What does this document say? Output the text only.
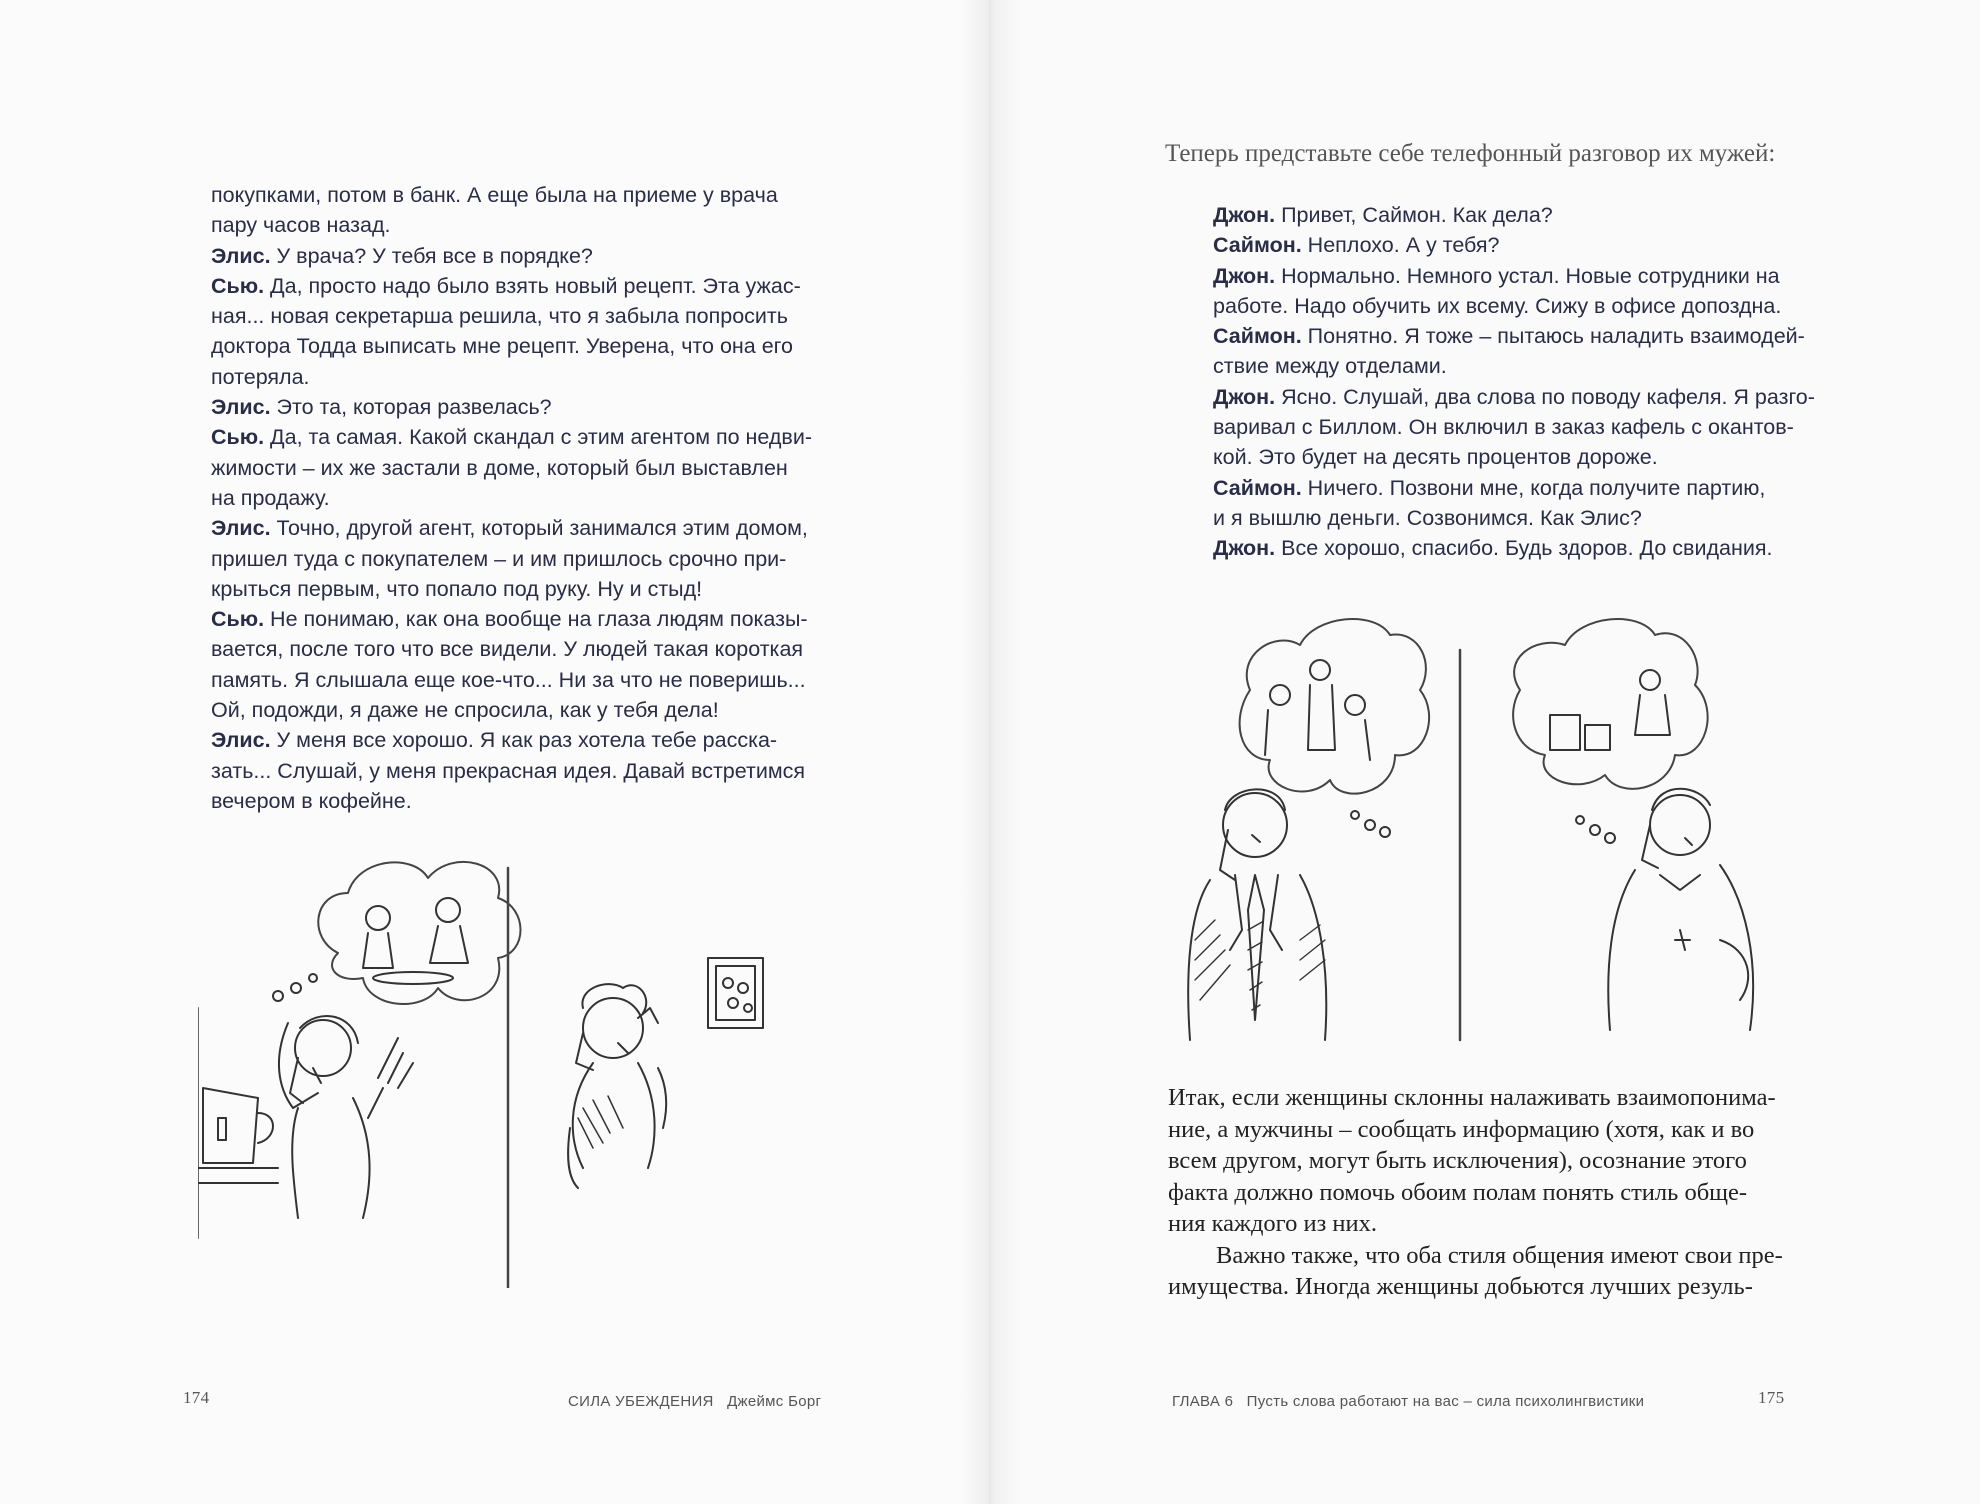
покупками, потом в банк. А еще была на приеме у врача
пару часов назад.
Элис. У врача? У тебя все в порядке?
Сью. Да, просто надо было взять новый рецепт. Эта ужас-
ная... новая секретарша решила, что я забыла попросить
доктора Тодда выписать мне рецепт. Уверена, что она его
потеряла.
Элис. Это та, которая развелась?
Сью. Да, та самая. Какой скандал с этим агентом по недви-
жимости – их же застали в доме, который был выставлен
на продажу.
Элис. Точно, другой агент, который занимался этим домом,
пришел туда с покупателем – и им пришлось срочно при-
крыться первым, что попало под руку. Ну и стыд!
Сью. Не понимаю, как она вообще на глаза людям показы-
вается, после того что все видели. У людей такая короткая
память. Я слышала еще кое-что... Ни за что не поверишь...
Ой, подожди, я даже не спросила, как у тебя дела!
Элис. У меня все хорошо. Я как раз хотела тебе расска-
зать... Слушай, у меня прекрасная идея. Давай встретимся
вечером в кофейне.
174	СИЛА УБЕЖДЕНИЯ   Джеймс Борг
Теперь представьте себе телефонный разговор их мужей:
Джон. Привет, Саймон. Как дела?
Саймон. Неплохо. А у тебя?
Джон. Нормально. Немного устал. Новые сотрудники на
работе. Надо обучить их всему. Сижу в офисе допоздна.
Саймон. Понятно. Я тоже – пытаюсь наладить взаимодей-
ствие между отделами.
Джон. Ясно. Слушай, два слова по поводу кафеля. Я разго-
варивал с Биллом. Он включил в заказ кафель с окантов-
кой. Это будет на десять процентов дороже.
Саймон. Ничего. Позвони мне, когда получите партию,
и я вышлю деньги. Созвонимся. Как Элис?
Джон. Все хорошо, спасибо. Будь здоров. До свидания.
Итак, если женщины склонны налаживать взаимопонима-
ние, а мужчины – сообщать информацию (хотя, как и во
всем другом, могут быть исключения), осознание этого
факта должно помочь обоим полам понять стиль обще-
ния каждого из них.
Важно также, что оба стиля общения имеют свои пре-
имущества. Иногда женщины добьются лучших резуль-
ГЛАВА 6   Пусть слова работают на вас – сила психолингвистики	175
